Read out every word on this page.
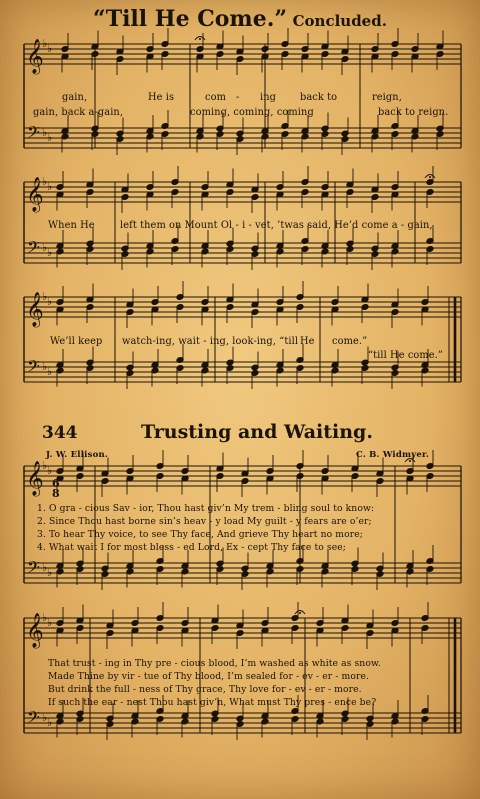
𝄞
𝄢
♭
♭
♭
♭
𝄞
𝄢
♭
♭
♭
♭
𝄞
𝄢
♭
♭
♭
♭
𝄞
𝄢
♭
♭
♭
♭
6
8
𝄞
𝄢
♭
♭
♭
♭
“Till He Come.” Concluded.
gain,	He is	com - ing back to	reign,
gain, back a-gain,	coming, coming, coming	back to reign.
When He	left them on Mount Ol - i - vet, ’twas said, He’d come a - gain,
We’ll keep watch-ing, wait - ing, look-ing, “till He come.”
“till He come.”
344	Trusting and Waiting.
J. W. Ellison.	C. B. Widmyer.
1. O gra - cious Sav - ior, Thou hast giv’n My trem - bling soul to know:
2. Since Thou hast borne sin’s heav - y load My guilt - y fears are o’er;
3. To hear Thy voice, to see Thy face, And grieve Thy heart no more;
4. What wait I for most bless - ed Lord, Ex - cept Thy face to see;
That trust - ing in Thy pre - cious blood, I’m washed as white as snow.
Made Thine by vir - tue of Thy blood, I’m sealed for - ev - er - more.
But drink the full - ness of Thy grace, Thy love for - ev - er - more.
If such the ear - nest Thou hast giv’n, What must Thy pres - ence be?
